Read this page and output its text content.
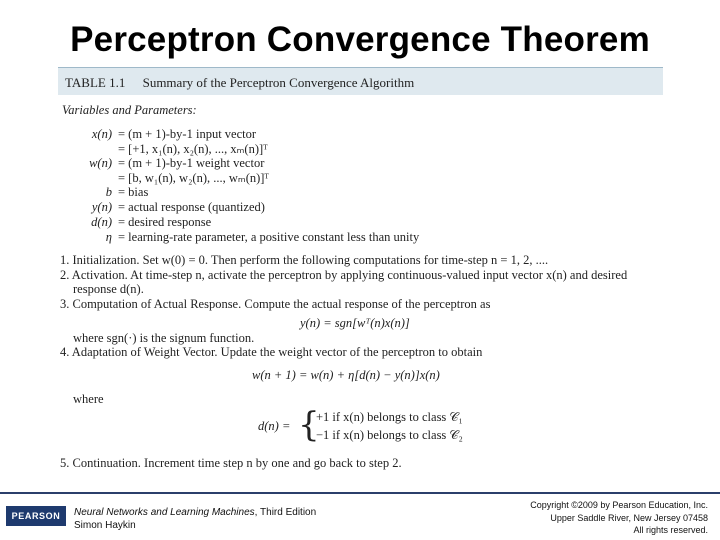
Perceptron Convergence Theorem
TABLE 1.1 Summary of the Perceptron Convergence Algorithm
Variables and Parameters:
x(n) = (m + 1)-by-1 input vector
= [+1, x₁(n), x₂(n), ..., xₘ(n)]ᵀ
w(n) = (m + 1)-by-1 weight vector
= [b, w₁(n), w₂(n), ..., wₘ(n)]ᵀ
b = bias
y(n) = actual response (quantized)
d(n) = desired response
η = learning-rate parameter, a positive constant less than unity
1. Initialization. Set w(0) = 0. Then perform the following computations for time-step n = 1, 2, ....
2. Activation. At time-step n, activate the perceptron by applying continuous-valued input vector x(n) and desired
response d(n).
3. Computation of Actual Response. Compute the actual response of the perceptron as
y(n) = sgn[wᵀ(n)x(n)]
where sgn(·) is the signum function.
4. Adaptation of Weight Vector. Update the weight vector of the perceptron to obtain
w(n + 1) = w(n) + η[d(n) − y(n)]x(n)
where
d(n) = {
+1 if x(n) belongs to class 𝒞₁
−1 if x(n) belongs to class 𝒞₂
5. Continuation. Increment time step n by one and go back to step 2.
PEARSON	Neural Networks and Learning Machines, Third Edition
Simon Haykin
Copyright ©2009 by Pearson Education, Inc.
Upper Saddle River, New Jersey 07458
All rights reserved.
